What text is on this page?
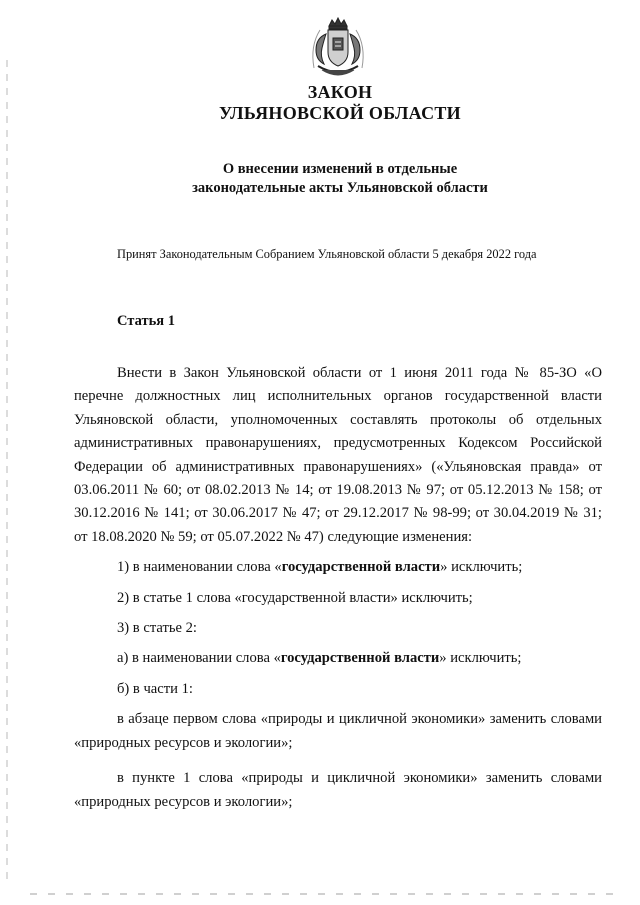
ЗАКОН
УЛЬЯНОВСКОЙ ОБЛАСТИ
О внесении изменений в отдельные
законодательные акты Ульяновской области
Принят Законодательным Собранием Ульяновской области 5 декабря 2022 года
Статья 1

Внести в Закон Ульяновской области от 1 июня 2011 года № 85-ЗО «О перечне должностных лиц исполнительных органов государственной власти Ульяновской области, уполномоченных составлять протоколы об отдельных административных правонарушениях, предусмотренных Кодексом Российской Федерации об административных правонарушениях» («Ульяновская правда» от 03.06.2011 № 60; от 08.02.2013 № 14; от 19.08.2013 № 97; от 05.12.2013 № 158; от 30.12.2016 № 141; от 30.06.2017 № 47; от 29.12.2017 № 98-99; от 30.04.2019 № 31; от 18.08.2020 № 59; от 05.07.2022 № 47) следующие изменения:

1) в наименовании слова «государственной власти» исключить;

2) в статье 1 слова «государственной власти» исключить;

3) в статье 2:

а) в наименовании слова «государственной власти» исключить;

б) в части 1:

в абзаце первом слова «природы и цикличной экономики» заменить словами «природных ресурсов и экологии»;

в пункте 1 слова «природы и цикличной экономики» заменить словами «природных ресурсов и экологии»;
